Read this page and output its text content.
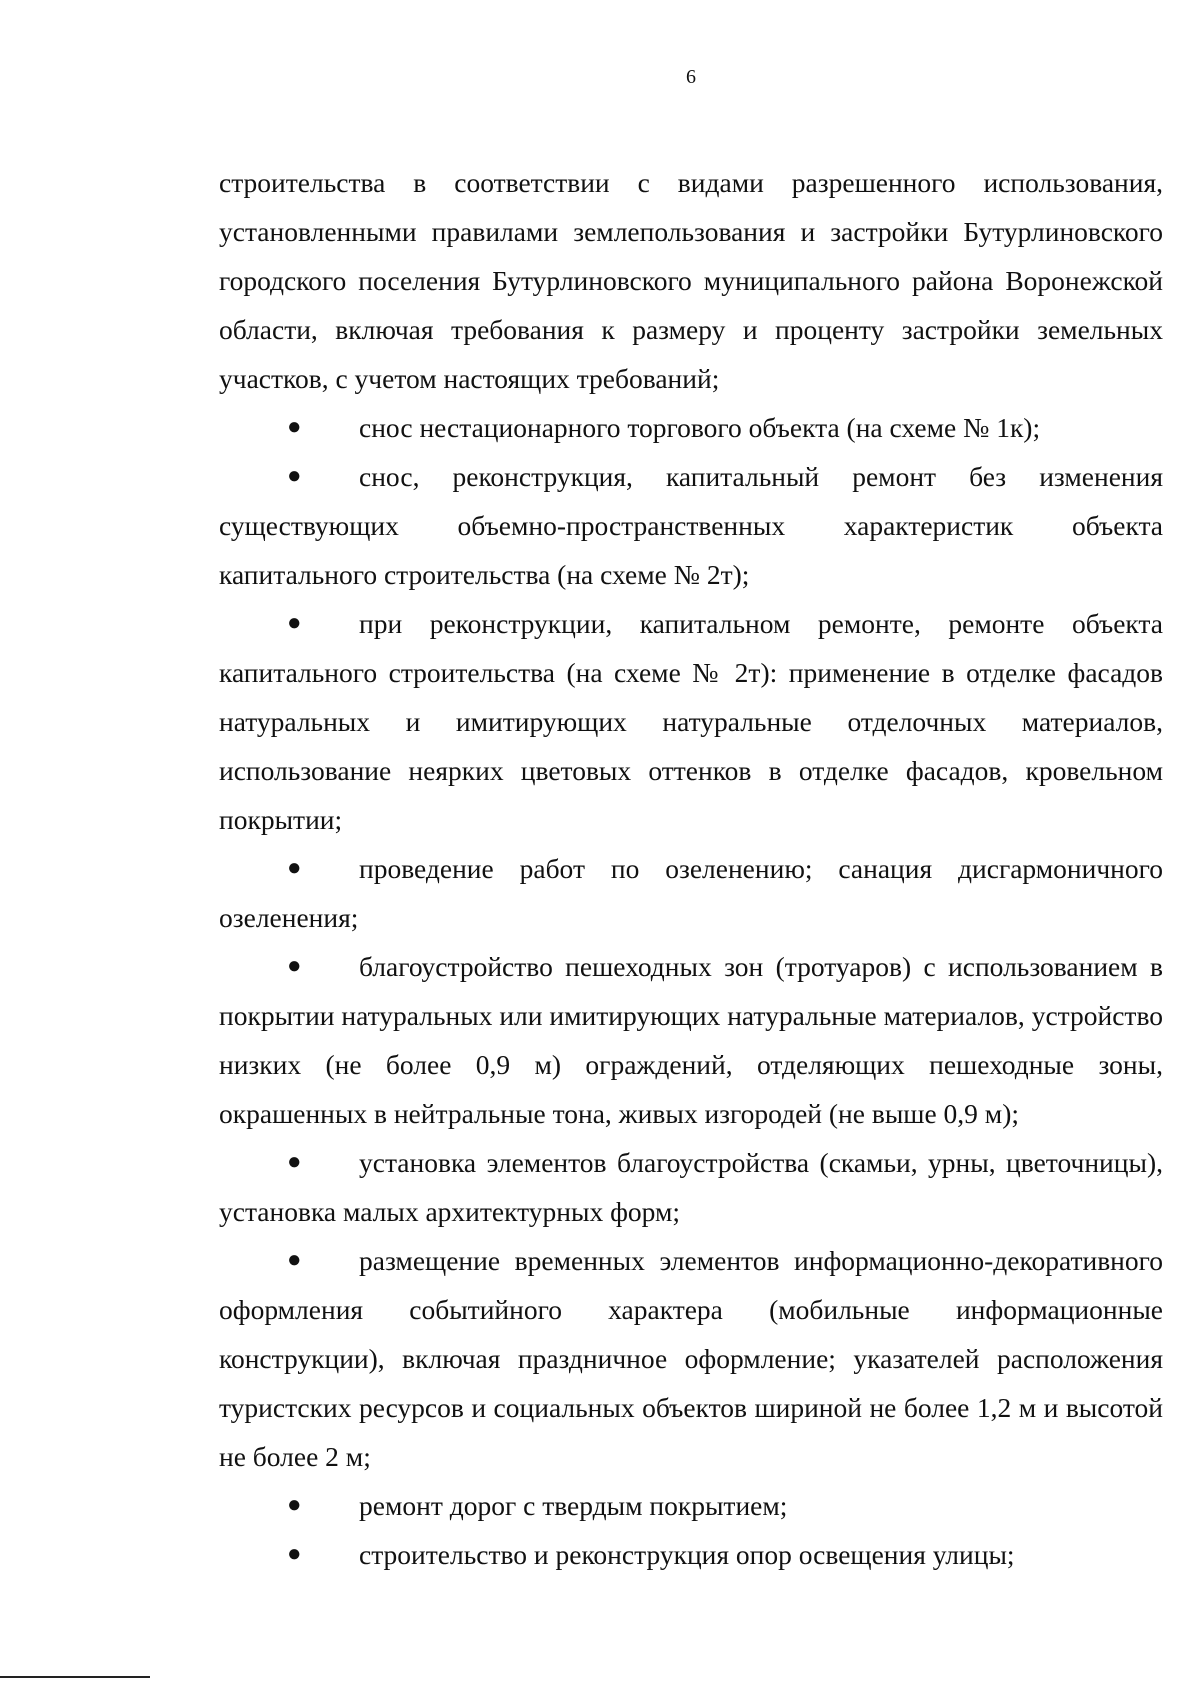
6

строительства в соответствии с видами разрешенного использования, установленными правилами землепользования и застройки Бутурлиновского городского поселения Бутурлиновского муниципального района Воронежской области, включая требования к размеру и проценту застройки земельных участков, с учетом настоящих требований;

● снос нестационарного торгового объекта (на схеме № 1к);

● снос, реконструкция, капитальный ремонт без изменения существующих объемно-пространственных характеристик объекта капитального строительства (на схеме № 2т);

● при реконструкции, капитальном ремонте, ремонте объекта капитального строительства (на схеме № 2т): применение в отделке фасадов натуральных и имитирующих натуральные отделочных материалов, использование неярких цветовых оттенков в отделке фасадов, кровельном покрытии;

● проведение работ по озеленению; санация дисгармоничного озеленения;

● благоустройство пешеходных зон (тротуаров) с использованием в покрытии натуральных или имитирующих натуральные материалов, устройство низких (не более 0,9 м) ограждений, отделяющих пешеходные зоны, окрашенных в нейтральные тона, живых изгородей (не выше 0,9 м);

● установка элементов благоустройства (скамьи, урны, цветочницы), установка малых архитектурных форм;

● размещение временных элементов информационно-декоративного оформления событийного характера (мобильные информационные конструкции), включая праздничное оформление; указателей расположения туристских ресурсов и социальных объектов шириной не более 1,2 м и высотой не более 2 м;

● ремонт дорог с твердым покрытием;

● строительство и реконструкция опор освещения улицы;
